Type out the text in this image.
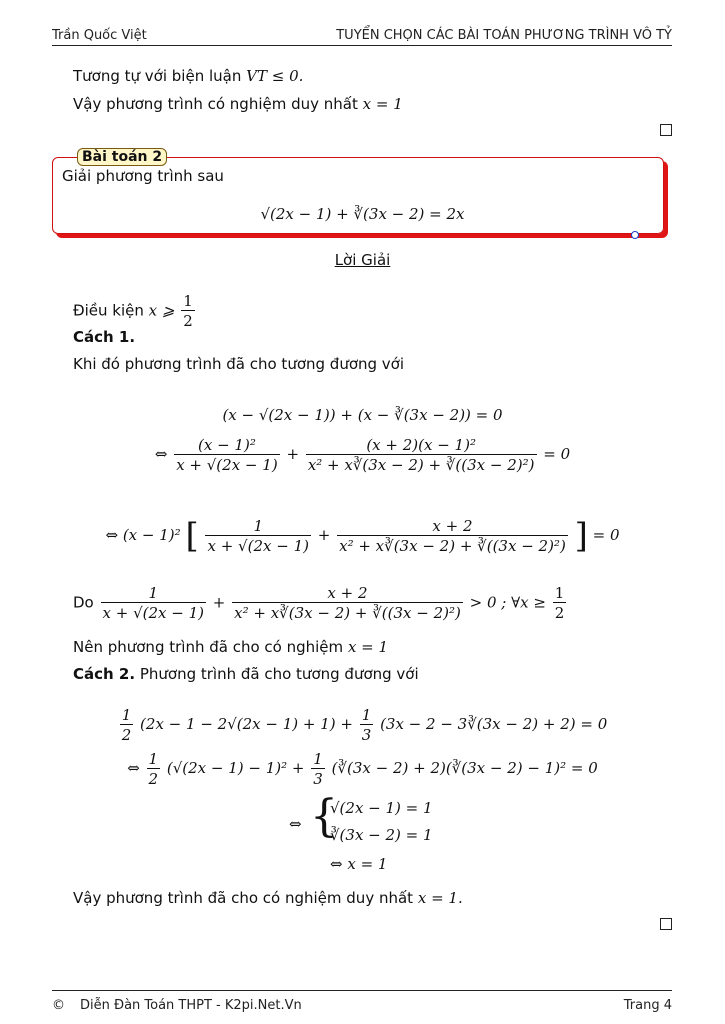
Trần Quốc Việt	TUYỂN CHỌN CÁC BÀI TOÁN PHƯƠNG TRÌNH VÔ TỶ
Tương tự với biện luận VT ≤ 0.
Vậy phương trình có nghiệm duy nhất x = 1
Bài toán 2
Giải phương trình sau
√(2x − 1) + ∛(3x − 2) = 2x
Lời Giải
Điều kiện x ⩾ $\frac{1}{2}$
Cách 1.
Khi đó phương trình đã cho tương đương với
(x − √(2x − 1)) + (x − ∛(3x − 2)) = 0
⇔ $\frac{\text{(x − 1)²}}{x + √(2x - 1)} + \frac{\text{(x + 2)(x − 1)²}}{\text{x² + x∛(3x − 2) + ∛((3x − 2)²)}} = 0$
⇔ (x − 1)² [ $\frac{1}{x + √(2x - 1)} + \frac{x + 2}{\text{x² + x∛(3x − 2) + ∛((3x − 2)²)}}$ ] = 0
Do $\frac{1}{x + √(2x - 1)} + \frac{x + 2}{\text{x² + x∛(3x − 2) + ∛((3x − 2)²)}} > 0$ ; ∀x ≥ $\frac{1}{2}$
Nên phương trình đã cho có nghiệm x = 1
Cách 2. Phương trình đã cho tương đương với
$\frac{1}{2} (2x - 1 - 2√(2x - 1) + 1) + \frac{1}{3} (3x - 2$ − 3∛(3x − 2) + 2) = 0
⇔ $\frac{1}{2} (√(2x - 1) - 1)^2 + \frac{1}{3}$ (∛(3x − 2) + 2)(∛(3x − 2) − 1)² = 0
⇔ {
√(2x − 1) = 1
∛(3x − 2) = 1
⇔ x = 1
Vậy phương trình đã cho có nghiệm duy nhất x = 1.
© Diễn Đàn Toán THPT - K2pi.Net.Vn	Trang 4
